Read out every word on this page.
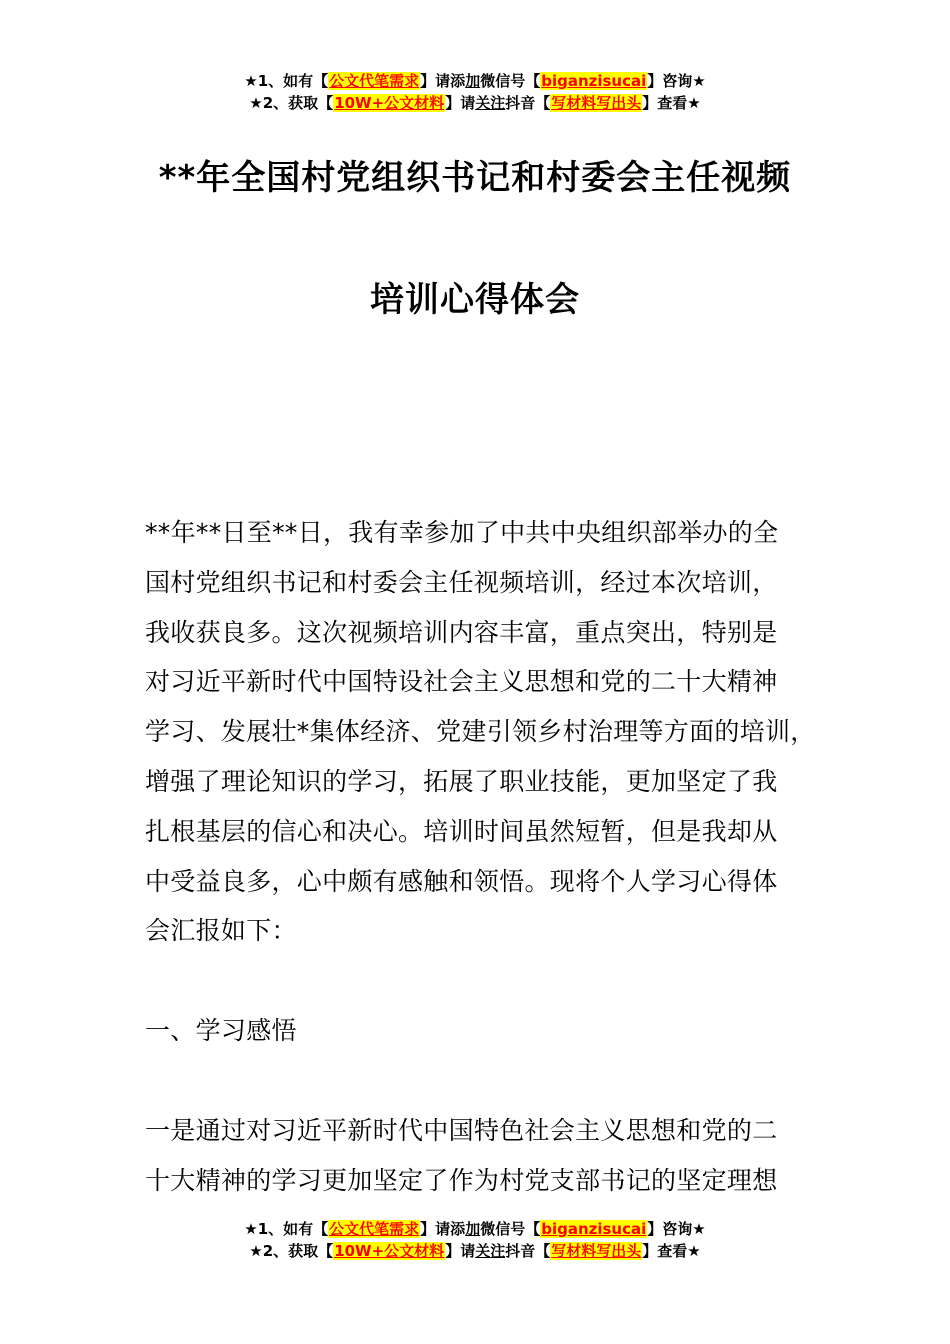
★1、如有【公文代笔需求】请添加微信号【biganzisucai】咨询★
★2、获取【10W+公文材料】请关注抖音【写材料写出头】查看★
**年全国村党组织书记和村委会主任视频
培训心得体会
**年**日至**日，我有幸参加了中共中央组织部举办的全
国村党组织书记和村委会主任视频培训，经过本次培训，
我收获良多。这次视频培训内容丰富，重点突出，特别是
对习近平新时代中国特设社会主义思想和党的二十大精神
学习、发展壮*集体经济、党建引领乡村治理等方面的培训，
增强了理论知识的学习，拓展了职业技能，更加坚定了我
扎根基层的信心和决心。培训时间虽然短暂，但是我却从
中受益良多，心中颇有感触和领悟。现将个人学习心得体
会汇报如下：
一、学习感悟
一是通过对习近平新时代中国特色社会主义思想和党的二
十大精神的学习更加坚定了作为村党支部书记的坚定理想
★1、如有【公文代笔需求】请添加微信号【biganzisucai】咨询★
★2、获取【10W+公文材料】请关注抖音【写材料写出头】查看★
